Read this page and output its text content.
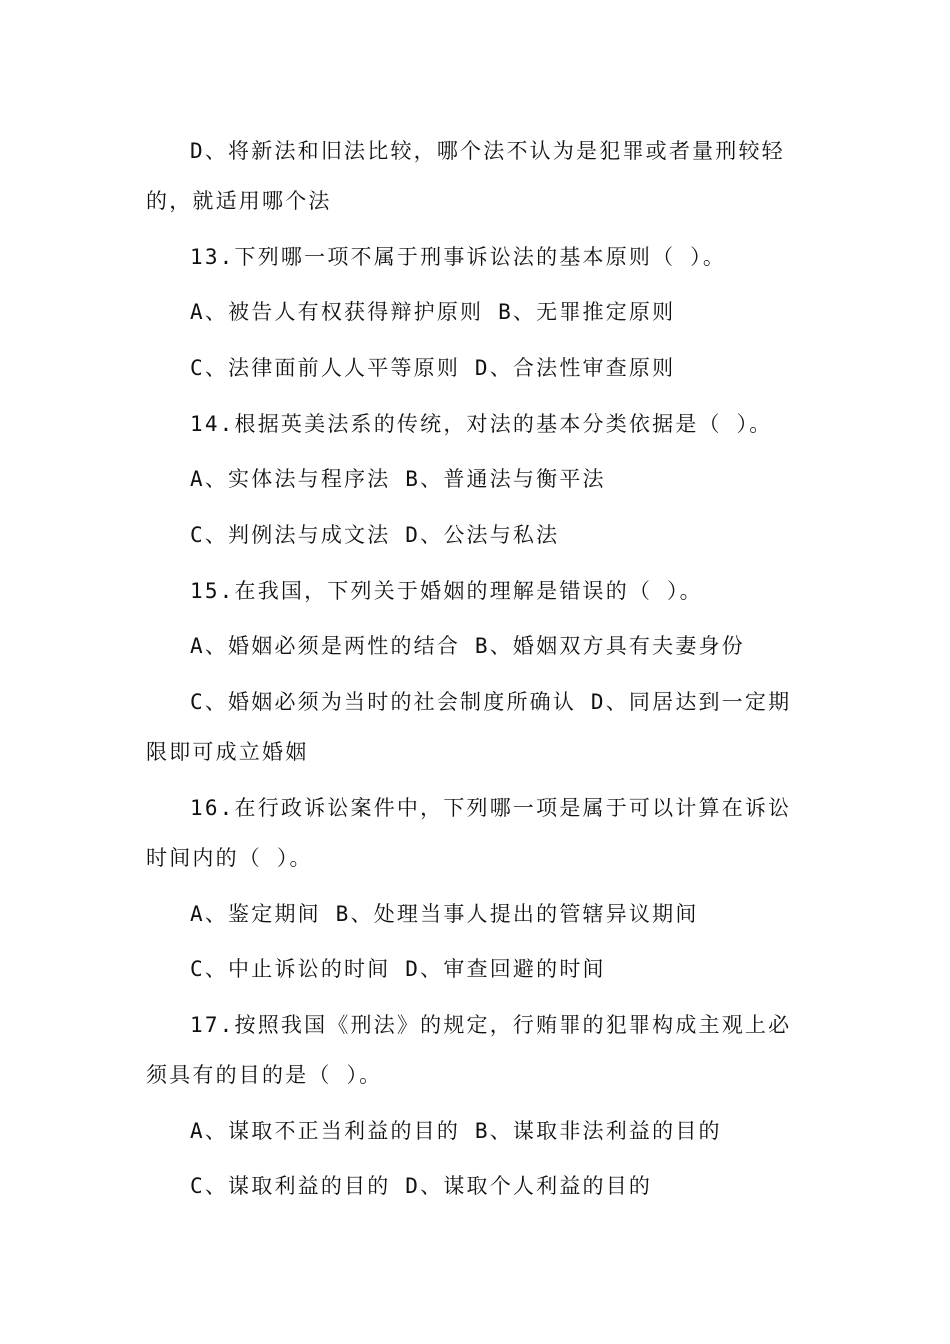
D、将新法和旧法比较，哪个法不认为是犯罪或者量刑较轻
的，就适用哪个法
13.下列哪一项不属于刑事诉讼法的基本原则（ ）。
A、被告人有权获得辩护原则 B、无罪推定原则
C、法律面前人人平等原则 D、合法性审查原则
14.根据英美法系的传统，对法的基本分类依据是（ ）。
A、实体法与程序法 B、普通法与衡平法
C、判例法与成文法 D、公法与私法
15.在我国，下列关于婚姻的理解是错误的（ ）。
A、婚姻必须是两性的结合 B、婚姻双方具有夫妻身份
C、婚姻必须为当时的社会制度所确认 D、同居达到一定期
限即可成立婚姻
16.在行政诉讼案件中，下列哪一项是属于可以计算在诉讼
时间内的（ ）。
A、鉴定期间 B、处理当事人提出的管辖异议期间
C、中止诉讼的时间 D、审查回避的时间
17.按照我国《刑法》的规定，行贿罪的犯罪构成主观上必
须具有的目的是（ ）。
A、谋取不正当利益的目的 B、谋取非法利益的目的
C、谋取利益的目的 D、谋取个人利益的目的
